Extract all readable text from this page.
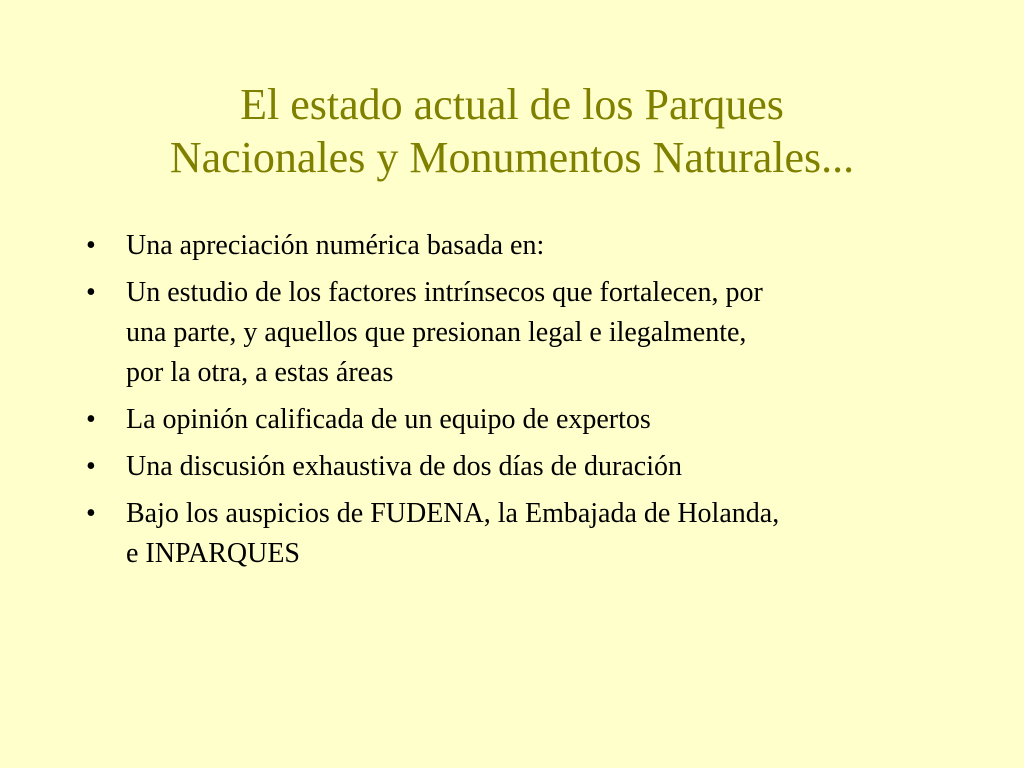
El estado actual de los Parques
Nacionales y Monumentos Naturales...
•	Una apreciación numérica basada en:
•	Un estudio de los factores intrínsecos que fortalecen, por
una parte, y aquellos que presionan legal e ilegalmente,
por la otra, a estas áreas
•	La opinión calificada de un equipo de expertos
•	Una discusión exhaustiva de dos días de duración
•	Bajo los auspicios de FUDENA, la Embajada de Holanda,
e INPARQUES
